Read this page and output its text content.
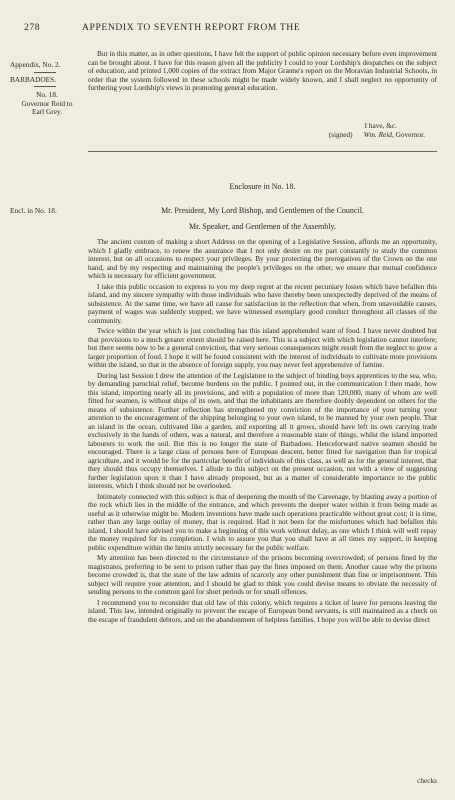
278	APPENDIX TO SEVENTH REPORT FROM THE
Appendix, No. 2.
BARBADOES.
No. 18.
Governor Reid to
Earl Grey.

But in this matter, as in other questions, I have felt the support of public opinion necessary before even improvement can be brought about. I have for this reason given all the publicity I could to your Lordship's despatches on the subject of education, and printed 1,000 copies of the extract from Major Græme's report on the Moravian Industrial Schools, in order that the system followed in these schools might be made widely known, and I shall neglect no opportunity of furthering your Lordship's views in promoting general education.

I have, &c.
(signed) Wm. Reid, Governor.
Enclosure in No. 18.
Encl. in No. 18.	Mr. President, My Lord Bishop, and Gentlemen of the Council.
Mr. Speaker, and Gentlemen of the Assembly.

The ancient custom of making a short Address on the opening of a Legislative Session, affords me an opportunity, which I gladly embrace, to renew the assurance that I not only desire on my part constantly to study the common interest, but on all occasions to respect your privileges. By your protecting the prerogatives of the Crown on the one hand, and by my respecting and maintaining the people's privileges on the other, we ensure that mutual confidence which is necessary for efficient government.

I take this public occasion to express to you my deep regret at the recent pecuniary losses which have befallen this island, and my sincere sympathy with those individuals who have thereby been unexpectedly deprived of the means of subsistence. At the same time, we have all cause for satisfaction in the reflection that when, from unavoidable causes, payment of wages was suddenly stopped, we have witnessed exemplary good conduct throughout all classes of the community.

Twice within the year which is just concluding has this island apprehended want of food. I have never doubted but that provisions to a much greater extent should be raised here. This is a subject with which legislation cannot interfere; but there seems now to be a general conviction, that very serious consequences might result from the neglect to grow a larger proportion of food. I hope it will be found consistent with the interest of individuals to cultivate more provisions within the island, so that in the absence of foreign supply, you may never feel apprehensive of famine.

During last Session I drew the attention of the Legislature to the subject of binding boys apprentices to the sea, who, by demanding parochial relief, become burdens on the public. I pointed out, in the communication I then made, how this island, importing nearly all its provisions, and with a population of more than 120,000, many of whom are well fitted for seamen, is without ships of its own, and that the inhabitants are therefore doubly dependent on others for the means of subsistence. Further reflection has strengthened my conviction of the importance of your turning your attention to the encouragement of the shipping belonging to your own island, to be manned by your own people. That an island in the ocean, cultivated like a garden, and exporting all it grows, should have left its own carrying trade exclusively in the hands of others, was a natural, and therefore a reasonable state of things, whilst the island imported labourers to work the soil. But this is no longer the state of Barbadoes. Henceforward native seamen should be encouraged. There is a large class of persons here of European descent, better fitted for navigation than for tropical agriculture, and it would be for the particular benefit of individuals of this class, as well as for the general interest, that they should thus occupy themselves. I allude to this subject on the present occasion, not with a view of suggesting further legislation upon it than I have already proposed, but as a matter of considerable importance to the public interests, which I think should not be overlooked.

Intimately connected with this subject is that of deepening the mouth of the Careenage, by blasting away a portion of the rock which lies in the middle of the entrance, and which prevents the deeper water within it from being made as useful as it otherwise might be. Modern inventions have made such operations practicable without great cost; it is time, rather than any large outlay of money, that is required. Had it not been for the misfortunes which had befallen this island, I should have advised you to make a beginning of this work without delay, as one which I think will well repay the money required for its completion. I wish to assure you that you shall have at all times my support, in keeping public expenditure within the limits strictly necessary for the public welfare.

My attention has been directed to the circumstance of the prisons becoming overcrowded; of persons fined by the magistrates, preferring to be sent to prison rather than pay the fines imposed on them. Another cause why the prisons become crowded is, that the state of the law admits of scarcely any other punishment than fine or imprisonment. This subject will require your attention, and I should be glad to think you could devise means to obviate the necessity of sending persons to the common gaol for short periods or for small offences.

I recommend you to reconsider that old law of this colony, which requires a ticket of leave for persons leaving the island. This law, intended originally to prevent the escape of European bond servants, is still maintained as a check on the escape of fraudulent debtors, and on the abandonment of helpless families. I hope you will be able to devise direct

checks
